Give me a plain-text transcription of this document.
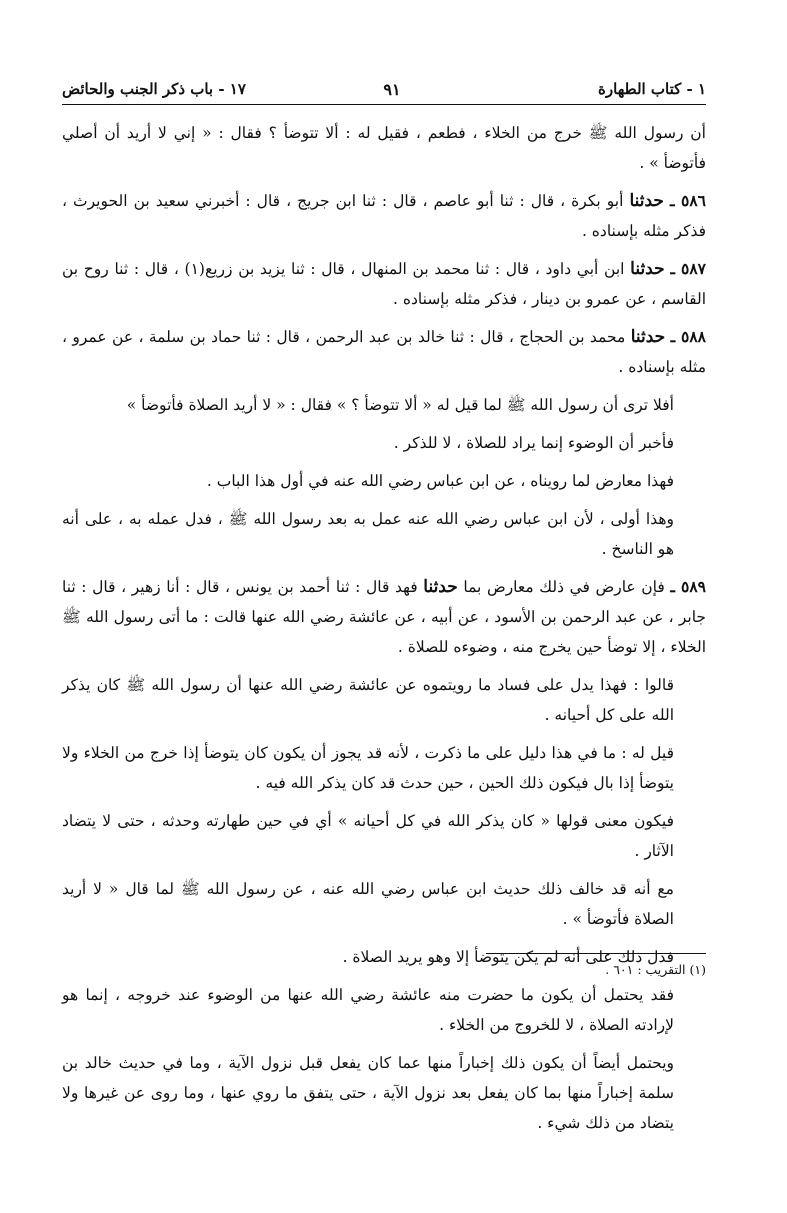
١ - كتاب الطهارة
٩١
١٧ - باب ذكر الجنب والحائض

أن رسول الله ﷺ خرج من الخلاء ، فطعم ، فقيل له : ألا تتوضأ ؟ فقال : « إني لا أريد أن أصلي فأتوضأ » .

٥٨٦ ـ حدثنا أبو بكرة ، قال : ثنا أبو عاصم ، قال : ثنا ابن جريج ، قال : أخبرني سعيد بن الحويرث ، فذكر مثله بإسناده .

٥٨٧ ـ حدثنا ابن أبي داود ، قال : ثنا محمد بن المنهال ، قال : ثنا يزيد بن زريع(١) ، قال : ثنا روح بن القاسم ، عن عمرو بن دينار ، فذكر مثله بإسناده .

٥٨٨ ـ حدثنا محمد بن الحجاج ، قال : ثنا خالد بن عبد الرحمن ، قال : ثنا حماد بن سلمة ، عن عمرو ، مثله بإسناده .

أفلا ترى أن رسول الله ﷺ لما قيل له « ألا تتوضأ ؟ » فقال : « لا أريد الصلاة فأتوضأ »

فأخبر أن الوضوء إنما يراد للصلاة ، لا للذكر .

فهذا معارض لما رويناه ، عن ابن عباس رضي الله عنه في أول هذا الباب .

وهذا أولى ، لأن ابن عباس رضي الله عنه عمل به بعد رسول الله ﷺ ، فدل عمله به ، على أنه هو الناسخ .

٥٨٩ ـ فإن عارض في ذلك معارض بما حدثنا فهد قال : ثنا أحمد بن يونس ، قال : أنا زهير ، قال : ثنا جابر ، عن عبد الرحمن بن الأسود ، عن أبيه ، عن عائشة رضي الله عنها قالت : ما أتى رسول الله ﷺ الخلاء ، إلا توضأ حين يخرج منه ، وضوءه للصلاة .

قالوا : فهذا يدل على فساد ما رويتموه عن عائشة رضي الله عنها أن رسول الله ﷺ كان يذكر الله على كل أحيانه .

قيل له : ما في هذا دليل على ما ذكرت ، لأنه قد يجوز أن يكون كان يتوضأ إذا خرج من الخلاء ولا يتوضأ إذا بال فيكون ذلك الحين ، حين حدث قد كان يذكر الله فيه .

فيكون معنى قولها « كان يذكر الله في كل أحيانه » أي في حين طهارته وحدثه ، حتى لا يتضاد الآثار .

مع أنه قد خالف ذلك حديث ابن عباس رضي الله عنه ، عن رسول الله ﷺ لما قال « لا أريد الصلاة فأتوضأ » .

فدل ذلك على أنه لم يكن يتوضأ إلا وهو يريد الصلاة .

فقد يحتمل أن يكون ما حضرت منه عائشة رضي الله عنها من الوضوء عند خروجه ، إنما هو لإرادته الصلاة ، لا للخروج من الخلاء .

ويحتمل أيضاً أن يكون ذلك إخباراً منها عما كان يفعل قبل نزول الآية ، وما في حديث خالد بن سلمة إخباراً منها بما كان يفعل بعد نزول الآية ، حتى يتفق ما روي عنها ، وما روى عن غيرها ولا يتضاد من ذلك شيء .

(١) التقريب : ٦٠١ .
